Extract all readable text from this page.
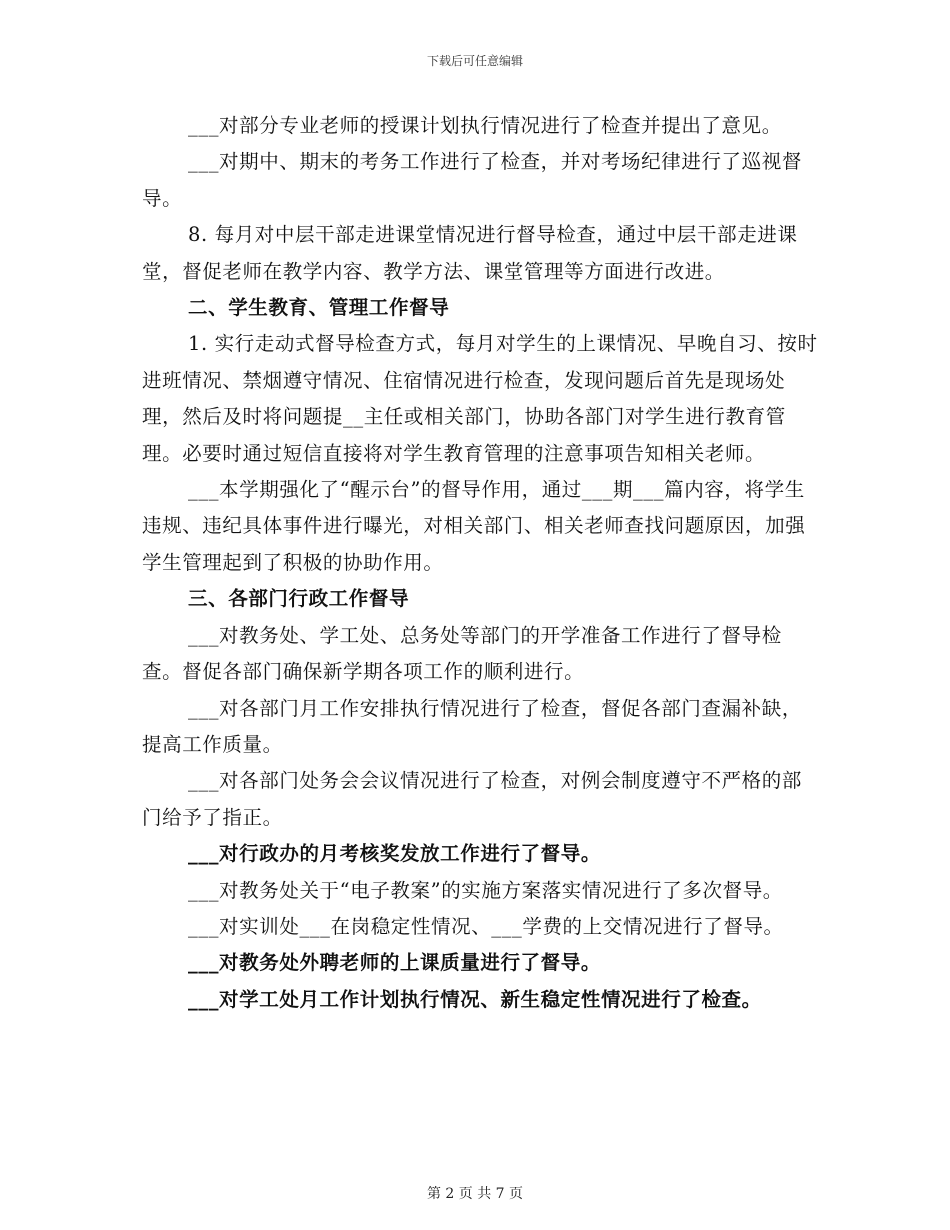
下载后可任意编辑

___对部分专业老师的授课计划执行情况进行了检查并提出了意见。

___对期中、期末的考务工作进行了检查，并对考场纪律进行了巡视督导。

8. 每月对中层干部走进课堂情况进行督导检查，通过中层干部走进课堂，督促老师在教学内容、教学方法、课堂管理等方面进行改进。

二、学生教育、管理工作督导

1. 实行走动式督导检查方式，每月对学生的上课情况、早晚自习、按时进班情况、禁烟遵守情况、住宿情况进行检查，发现问题后首先是现场处理，然后及时将问题提__主任或相关部门，协助各部门对学生进行教育管理。必要时通过短信直接将对学生教育管理的注意事项告知相关老师。

___本学期强化了“醒示台”的督导作用，通过___期___篇内容，将学生违规、违纪具体事件进行曝光，对相关部门、相关老师查找问题原因，加强学生管理起到了积极的协助作用。

三、各部门行政工作督导

___对教务处、学工处、总务处等部门的开学准备工作进行了督导检查。督促各部门确保新学期各项工作的顺利进行。

___对各部门月工作安排执行情况进行了检查，督促各部门查漏补缺，提高工作质量。

___对各部门处务会会议情况进行了检查，对例会制度遵守不严格的部门给予了指正。

___对行政办的月考核奖发放工作进行了督导。

___对教务处关于“电子教案”的实施方案落实情况进行了多次督导。

___对实训处___在岗稳定性情况、___学费的上交情况进行了督导。

___对教务处外聘老师的上课质量进行了督导。

___对学工处月工作计划执行情况、新生稳定性情况进行了检查。

第 2 页 共 7 页
